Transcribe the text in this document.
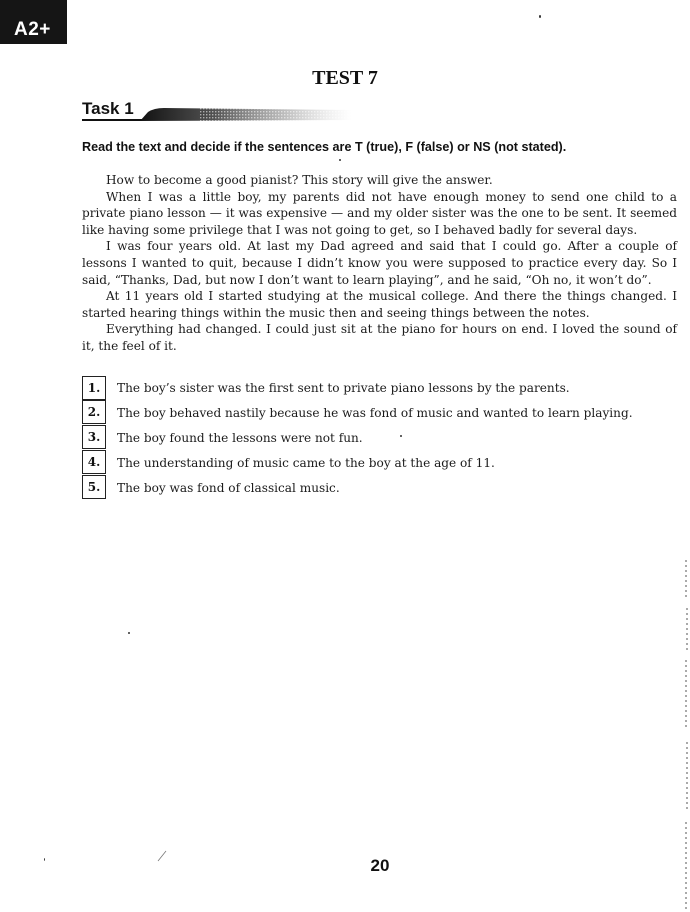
A2+
TEST 7
Task 1
Read the text and decide if the sentences are T (true), F (false) or NS (not stated).

How to become a good pianist? This story will give the answer.

When I was a little boy, my parents did not have enough money to send one child to a private piano lesson — it was expensive — and my older sister was the one to be sent. It seemed like having some privilege that I was not going to get, so I behaved badly for several days.

I was four years old. At last my Dad agreed and said that I could go. After a couple of lessons I wanted to quit, because I didn’t know you were supposed to practice every day. So I said, “Thanks, Dad, but now I don’t want to learn playing”, and he said, “Oh no, it won’t do”.

At 11 years old I started studying at the musical college. And there the things changed. I started hearing things within the music then and seeing things between the notes.

Everything had changed. I could just sit at the piano for hours on end. I loved the sound of it, the feel of it.

1.	The boy’s sister was the first sent to private piano lessons by the parents.
2.	The boy behaved nastily because he was fond of music and wanted to learn playing.
3.	The boy found the lessons were not fun.
4.	The understanding of music came to the boy at the age of 11.
5.	The boy was fond of classical music.
20
